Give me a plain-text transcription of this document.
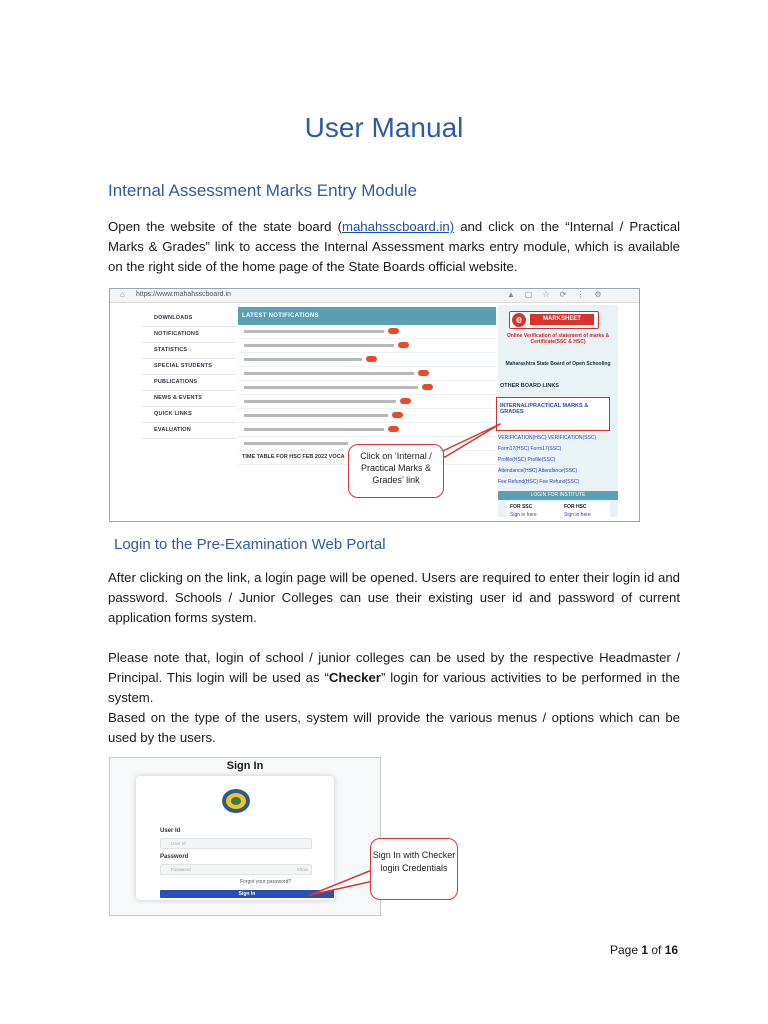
User Manual
Internal Assessment Marks Entry Module
Open the website of the state board (mahahsscboard.in) and click on the “Internal / Practical Marks & Grades” link to access the Internal Assessment marks entry module, which is available on the right side of the home page of the State Boards official website.
⌂ https://www.mahahsscboard.in	▲▢☆⟳⋮⚙
DOWNLOADS
NOTIFICATIONS
STATISTICS
SPECIAL STUDENTS
PUBLICATIONS
NEWS & EVENTS
QUICK LINKS
EVALUATION
LATEST NOTIFICATIONS
TIME TABLE FOR HSC FEB 2022 VOCA
e	MARKSHEET
Online Verification of statement of marks & Certificate(SSC & HSC)
Maharashtra State Board of Open Schooling
OTHER BOARD LINKS
INTERNAL/PRACTICAL MARKS & GRADES
VERIFICATION(HSC) VERIFICATION(SSC)
Form17(HSC) Form17(SSC)
Profile(HSC) Profile(SSC)
Attendance(HSC) Attendance(SSC)
Fee Refund(HSC) Fee Refund(SSC)
LOGIN FOR INSTITUTE
FOR SSC	FOR HSC
Sign in here	Sign in here
Click on ‘Internal / Practical Marks & Grades’ link
Login to the Pre-Examination Web Portal
After clicking on the link, a login page will be opened. Users are required to enter their login id and password. Schools / Junior Colleges can use their existing user id and password of current application forms system.
Please note that, login of school / junior colleges can be used by the respective Headmaster / Principal. This login will be used as “Checker” login for various activities to be performed in the system.
Based on the type of the users, system will provide the various menus / options which can be used by the users.
Sign In
User Id
User Id
Password
Password	Show
Forgot your password?
Sign In
Sign In with Checker login Credentials
Page 1 of 16
